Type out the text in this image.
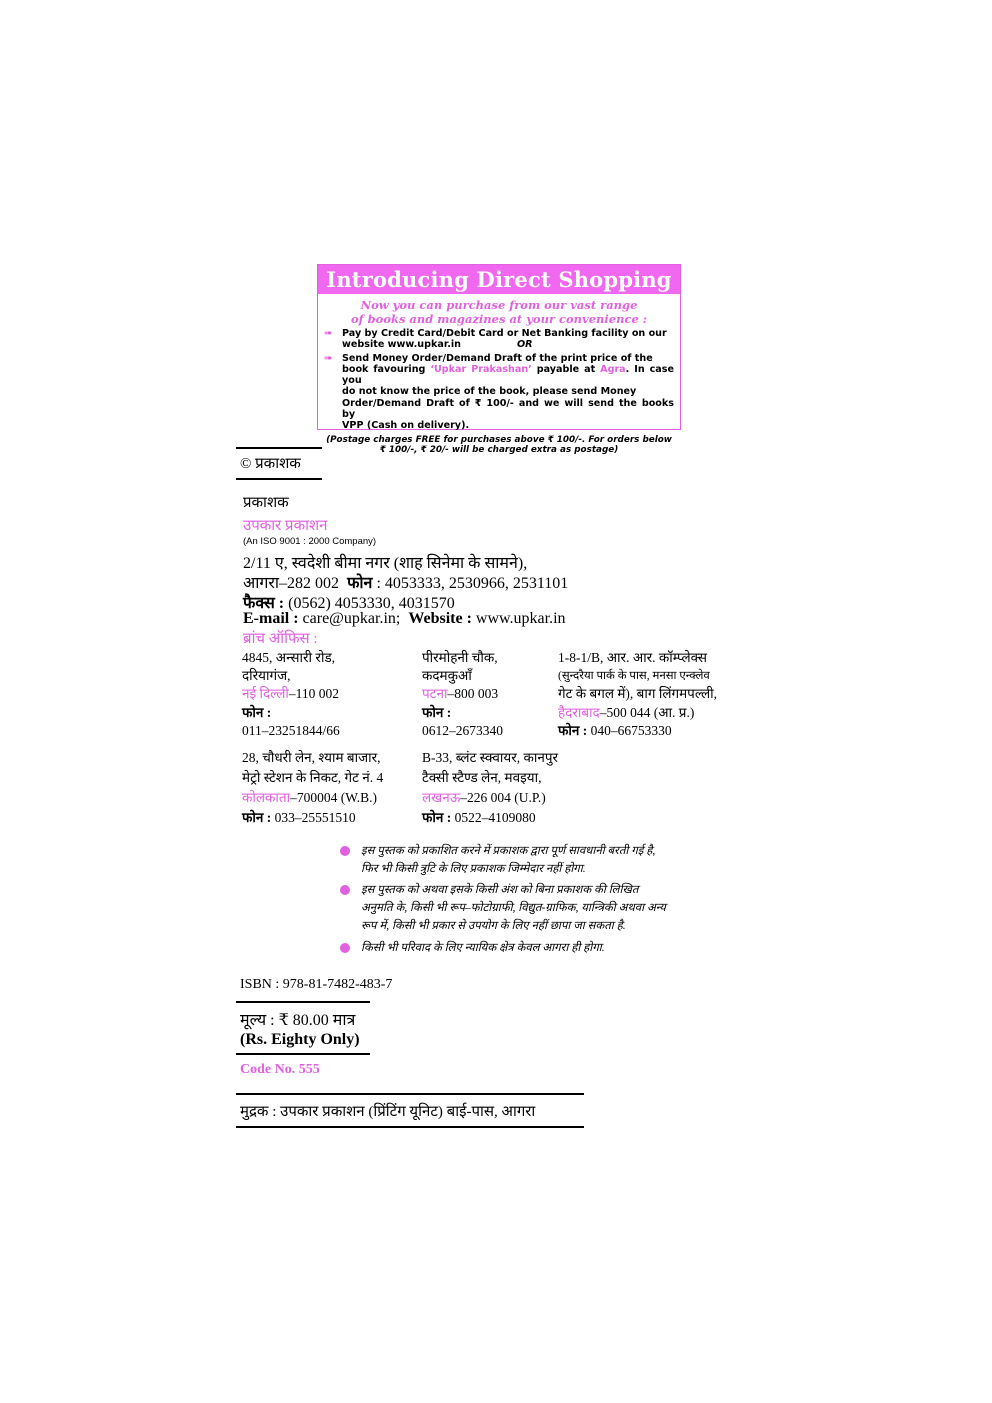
Introducing Direct Shopping
Now you can purchase from our vast range
of books and magazines at your convenience :
➠ Pay by Credit Card/Debit Card or Net Banking facility on our
website www.upkar.in	OR
➠ Send Money Order/Demand Draft of the print price of the
book favouring ‘Upkar Prakashan’ payable at Agra. In case you
do not know the price of the book, please send Money
Order/Demand Draft of ₹ 100/- and we will send the books by
VPP (Cash on delivery).
(Postage charges FREE for purchases above ₹ 100/-. For orders below
₹ 100/-, ₹ 20/- will be charged extra as postage)
© प्रकाशक
प्रकाशक
उपकार प्रकाशन
(An ISO 9001 : 2000 Company)
2/11 ए, स्वदेशी बीमा नगर (शाह सिनेमा के सामने),
आगरा–282 002 फोन : 4053333, 2530966, 2531101
फैक्स : (0562) 4053330, 4031570
E-mail : care@upkar.in; Website : www.upkar.in
ब्रांच ऑफिस :
4845, अन्सारी रोड,
दरियागंज,
नई दिल्ली–110 002
फोन :
011–23251844/66
पीरमोहनी चौक,
कदमकुआँ
पटना–800 003
फोन :
0612–2673340
1-8-1/B, आर. आर. कॉम्प्लेक्स
(सुन्दरैया पार्क के पास, मनसा एन्क्लेव
गेट के बगल में), बाग लिंगमपल्ली,
हैदराबाद–500 044 (आ. प्र.)
फोन : 040–66753330
28, चौधरी लेन, श्याम बाजार,
मेट्रो स्टेशन के निकट, गेट नं. 4
कोलकाता–700004 (W.B.)
फोन : 033–25551510
B-33, ब्लंट स्क्वायर, कानपुर
टैक्सी स्टैण्ड लेन, मवइया,
लखनऊ–226 004 (U.P.)
फोन : 0522–4109080
इस पुस्तक को प्रकाशित करने में प्रकाशक द्वारा पूर्ण सावधानी बरती गई है,
फिर भी किसी त्रुटि के लिए प्रकाशक जिम्मेदार नहीं होगा.
इस पुस्तक को अथवा इसके किसी अंश को बिना प्रकाशक की लिखित
अनुमति के, किसी भी रूप–फोटोग्राफी, विद्युत-ग्राफिक, यान्त्रिकी अथवा अन्य
रूप में, किसी भी प्रकार से उपयोग के लिए नहीं छापा जा सकता है.
किसी भी परिवाद के लिए न्यायिक क्षेत्र केवल आगरा ही होगा.
ISBN : 978-81-7482-483-7
मूल्य : ₹ 80.00 मात्र
(Rs. Eighty Only)
Code No. 555
मुद्रक : उपकार प्रकाशन (प्रिंटिंग यूनिट) बाई-पास, आगरा
